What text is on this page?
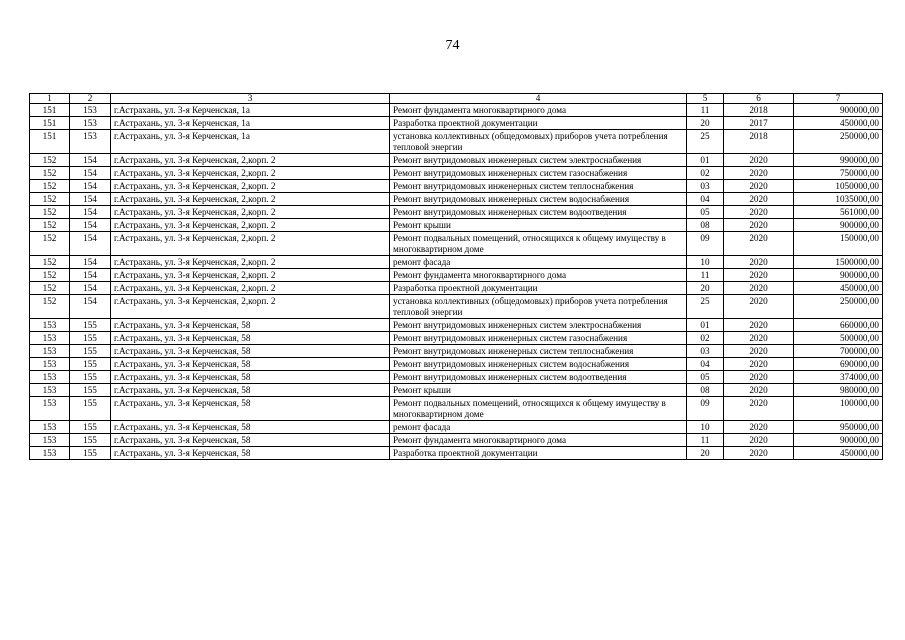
74
1	2	3	4	5	6	7
151	153	г.Астрахань, ул. 3-я Керченская, 1а	Ремонт фундамента многоквартирного дома	11	2018	900000,00
151	153	г.Астрахань, ул. 3-я Керченская, 1а	Разработка проектной документации	20	2017	450000,00
151	153	г.Астрахань, ул. 3-я Керченская, 1а	установка коллективных (общедомовых) приборов учета потребления тепловой энергии	25	2018	250000,00
152	154	г.Астрахань, ул. 3-я Керченская, 2,корп. 2	Ремонт внутридомовых инженерных систем электроснабжения	01	2020	990000,00
152	154	г.Астрахань, ул. 3-я Керченская, 2,корп. 2	Ремонт внутридомовых инженерных систем газоснабжения	02	2020	750000,00
152	154	г.Астрахань, ул. 3-я Керченская, 2,корп. 2	Ремонт внутридомовых инженерных систем теплоснабжения	03	2020	1050000,00
152	154	г.Астрахань, ул. 3-я Керченская, 2,корп. 2	Ремонт внутридомовых инженерных систем водоснабжения	04	2020	1035000,00
152	154	г.Астрахань, ул. 3-я Керченская, 2,корп. 2	Ремонт внутридомовых инженерных систем водоотведения	05	2020	561000,00
152	154	г.Астрахань, ул. 3-я Керченская, 2,корп. 2	Ремонт крыши	08	2020	900000,00
152	154	г.Астрахань, ул. 3-я Керченская, 2,корп. 2	Ремонт подвальных помещений, относящихся к общему имуществу в многоквартирном доме	09	2020	150000,00
152	154	г.Астрахань, ул. 3-я Керченская, 2,корп. 2	ремонт фасада	10	2020	1500000,00
152	154	г.Астрахань, ул. 3-я Керченская, 2,корп. 2	Ремонт фундамента многоквартирного дома	11	2020	900000,00
152	154	г.Астрахань, ул. 3-я Керченская, 2,корп. 2	Разработка проектной документации	20	2020	450000,00
152	154	г.Астрахань, ул. 3-я Керченская, 2,корп. 2	установка коллективных (общедомовых) приборов учета потребления тепловой энергии	25	2020	250000,00
153	155	г.Астрахань, ул. 3-я Керченская, 58	Ремонт внутридомовых инженерных систем электроснабжения	01	2020	660000,00
153	155	г.Астрахань, ул. 3-я Керченская, 58	Ремонт внутридомовых инженерных систем газоснабжения	02	2020	500000,00
153	155	г.Астрахань, ул. 3-я Керченская, 58	Ремонт внутридомовых инженерных систем теплоснабжения	03	2020	700000,00
153	155	г.Астрахань, ул. 3-я Керченская, 58	Ремонт внутридомовых инженерных систем водоснабжения	04	2020	690000,00
153	155	г.Астрахань, ул. 3-я Керченская, 58	Ремонт внутридомовых инженерных систем водоотведения	05	2020	374000,00
153	155	г.Астрахань, ул. 3-я Керченская, 58	Ремонт крыши	08	2020	980000,00
153	155	г.Астрахань, ул. 3-я Керченская, 58	Ремонт подвальных помещений, относящихся к общему имуществу в многоквартирном доме	09	2020	100000,00
153	155	г.Астрахань, ул. 3-я Керченская, 58	ремонт фасада	10	2020	950000,00
153	155	г.Астрахань, ул. 3-я Керченская, 58	Ремонт фундамента многоквартирного дома	11	2020	900000,00
153	155	г.Астрахань, ул. 3-я Керченская, 58	Разработка проектной документации	20	2020	450000,00
